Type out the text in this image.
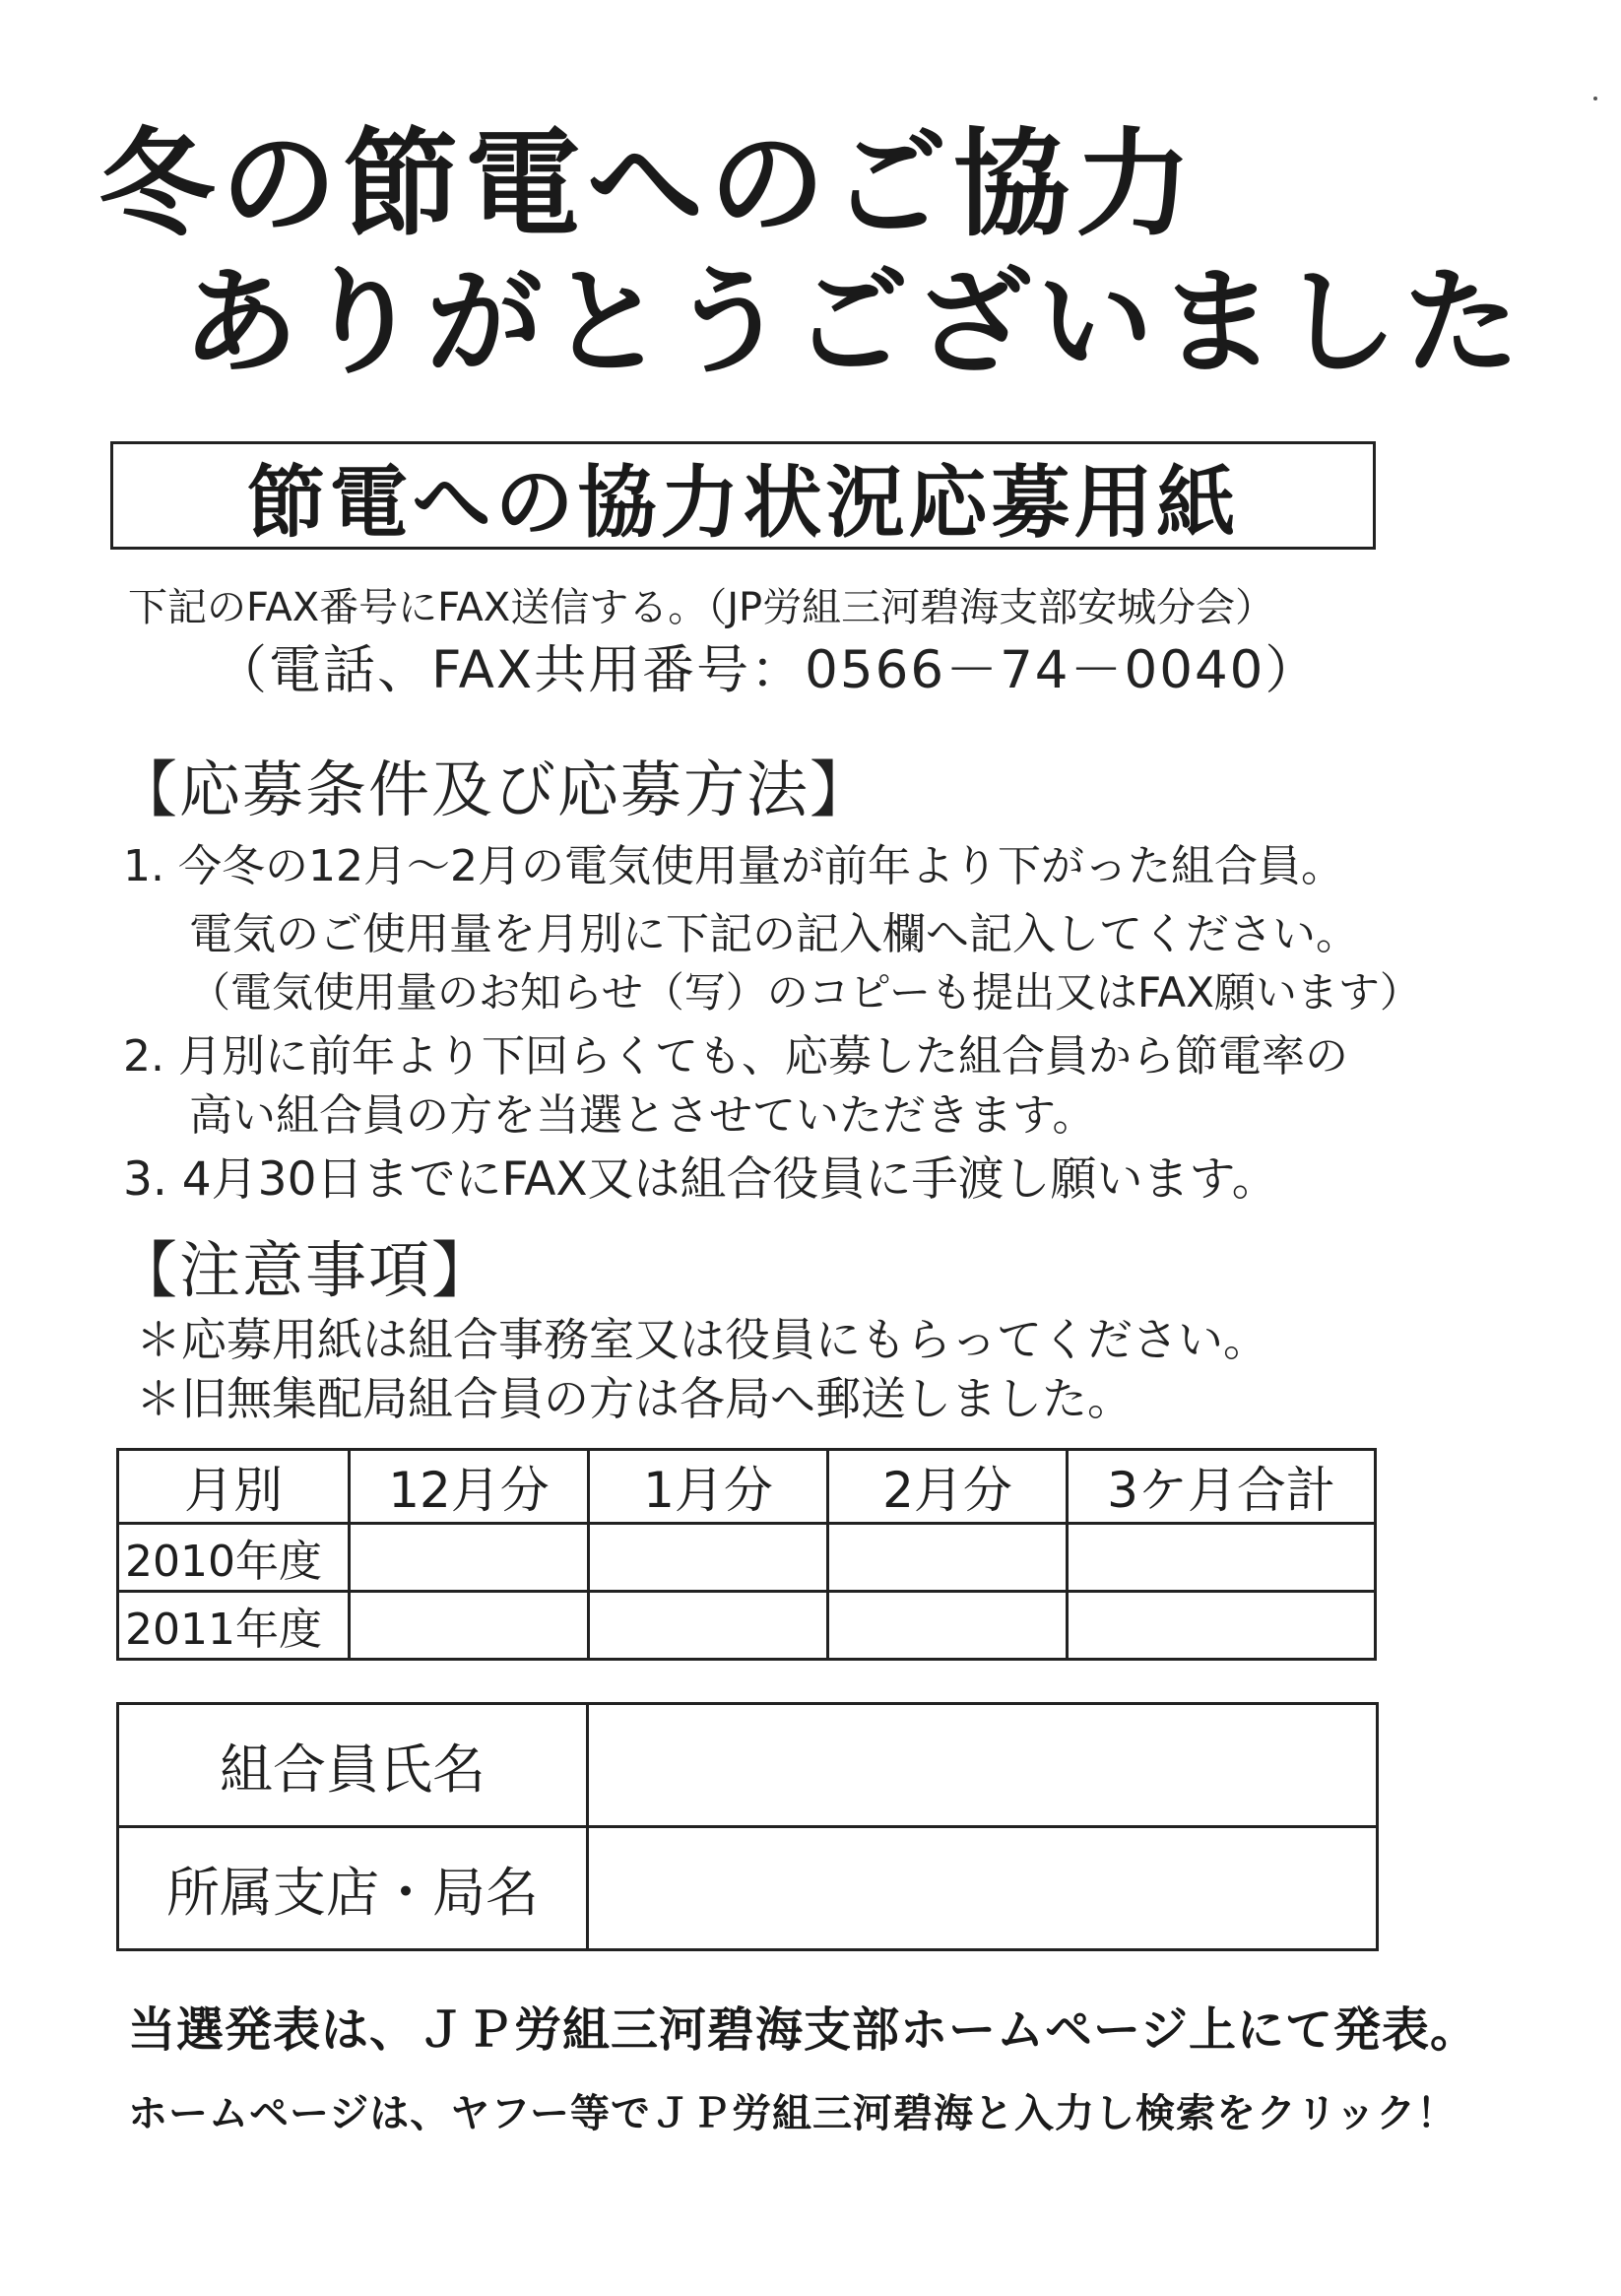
冬の節電へのご協力
ありがとうございました
節電への協力状況応募用紙
下記のFAX番号にFAX送信する。（JP労組三河碧海支部安城分会）
（電話、FAX共用番号：0566－74－0040）
【応募条件及び応募方法】
1. 今冬の12月～2月の電気使用量が前年より下がった組合員。
電気のご使用量を月別に下記の記入欄へ記入してください。
（電気使用量のお知らせ（写）のコピーも提出又はFAX願います）
2. 月別に前年より下回らくても、応募した組合員から節電率の
高い組合員の方を当選とさせていただきます。
3. 4月30日までにFAX又は組合役員に手渡し願います。
【注意事項】
＊応募用紙は組合事務室又は役員にもらってください。
＊旧無集配局組合員の方は各局へ郵送しました。
月別	12月分	1月分	2月分	3ケ月合計
2010年度				
2011年度				
組合員氏名	
所属支店・局名	
当選発表は、ＪＰ労組三河碧海支部ホームページ上にて発表。
ホームページは、ヤフー等でＪＰ労組三河碧海と入力し検索をクリック！
